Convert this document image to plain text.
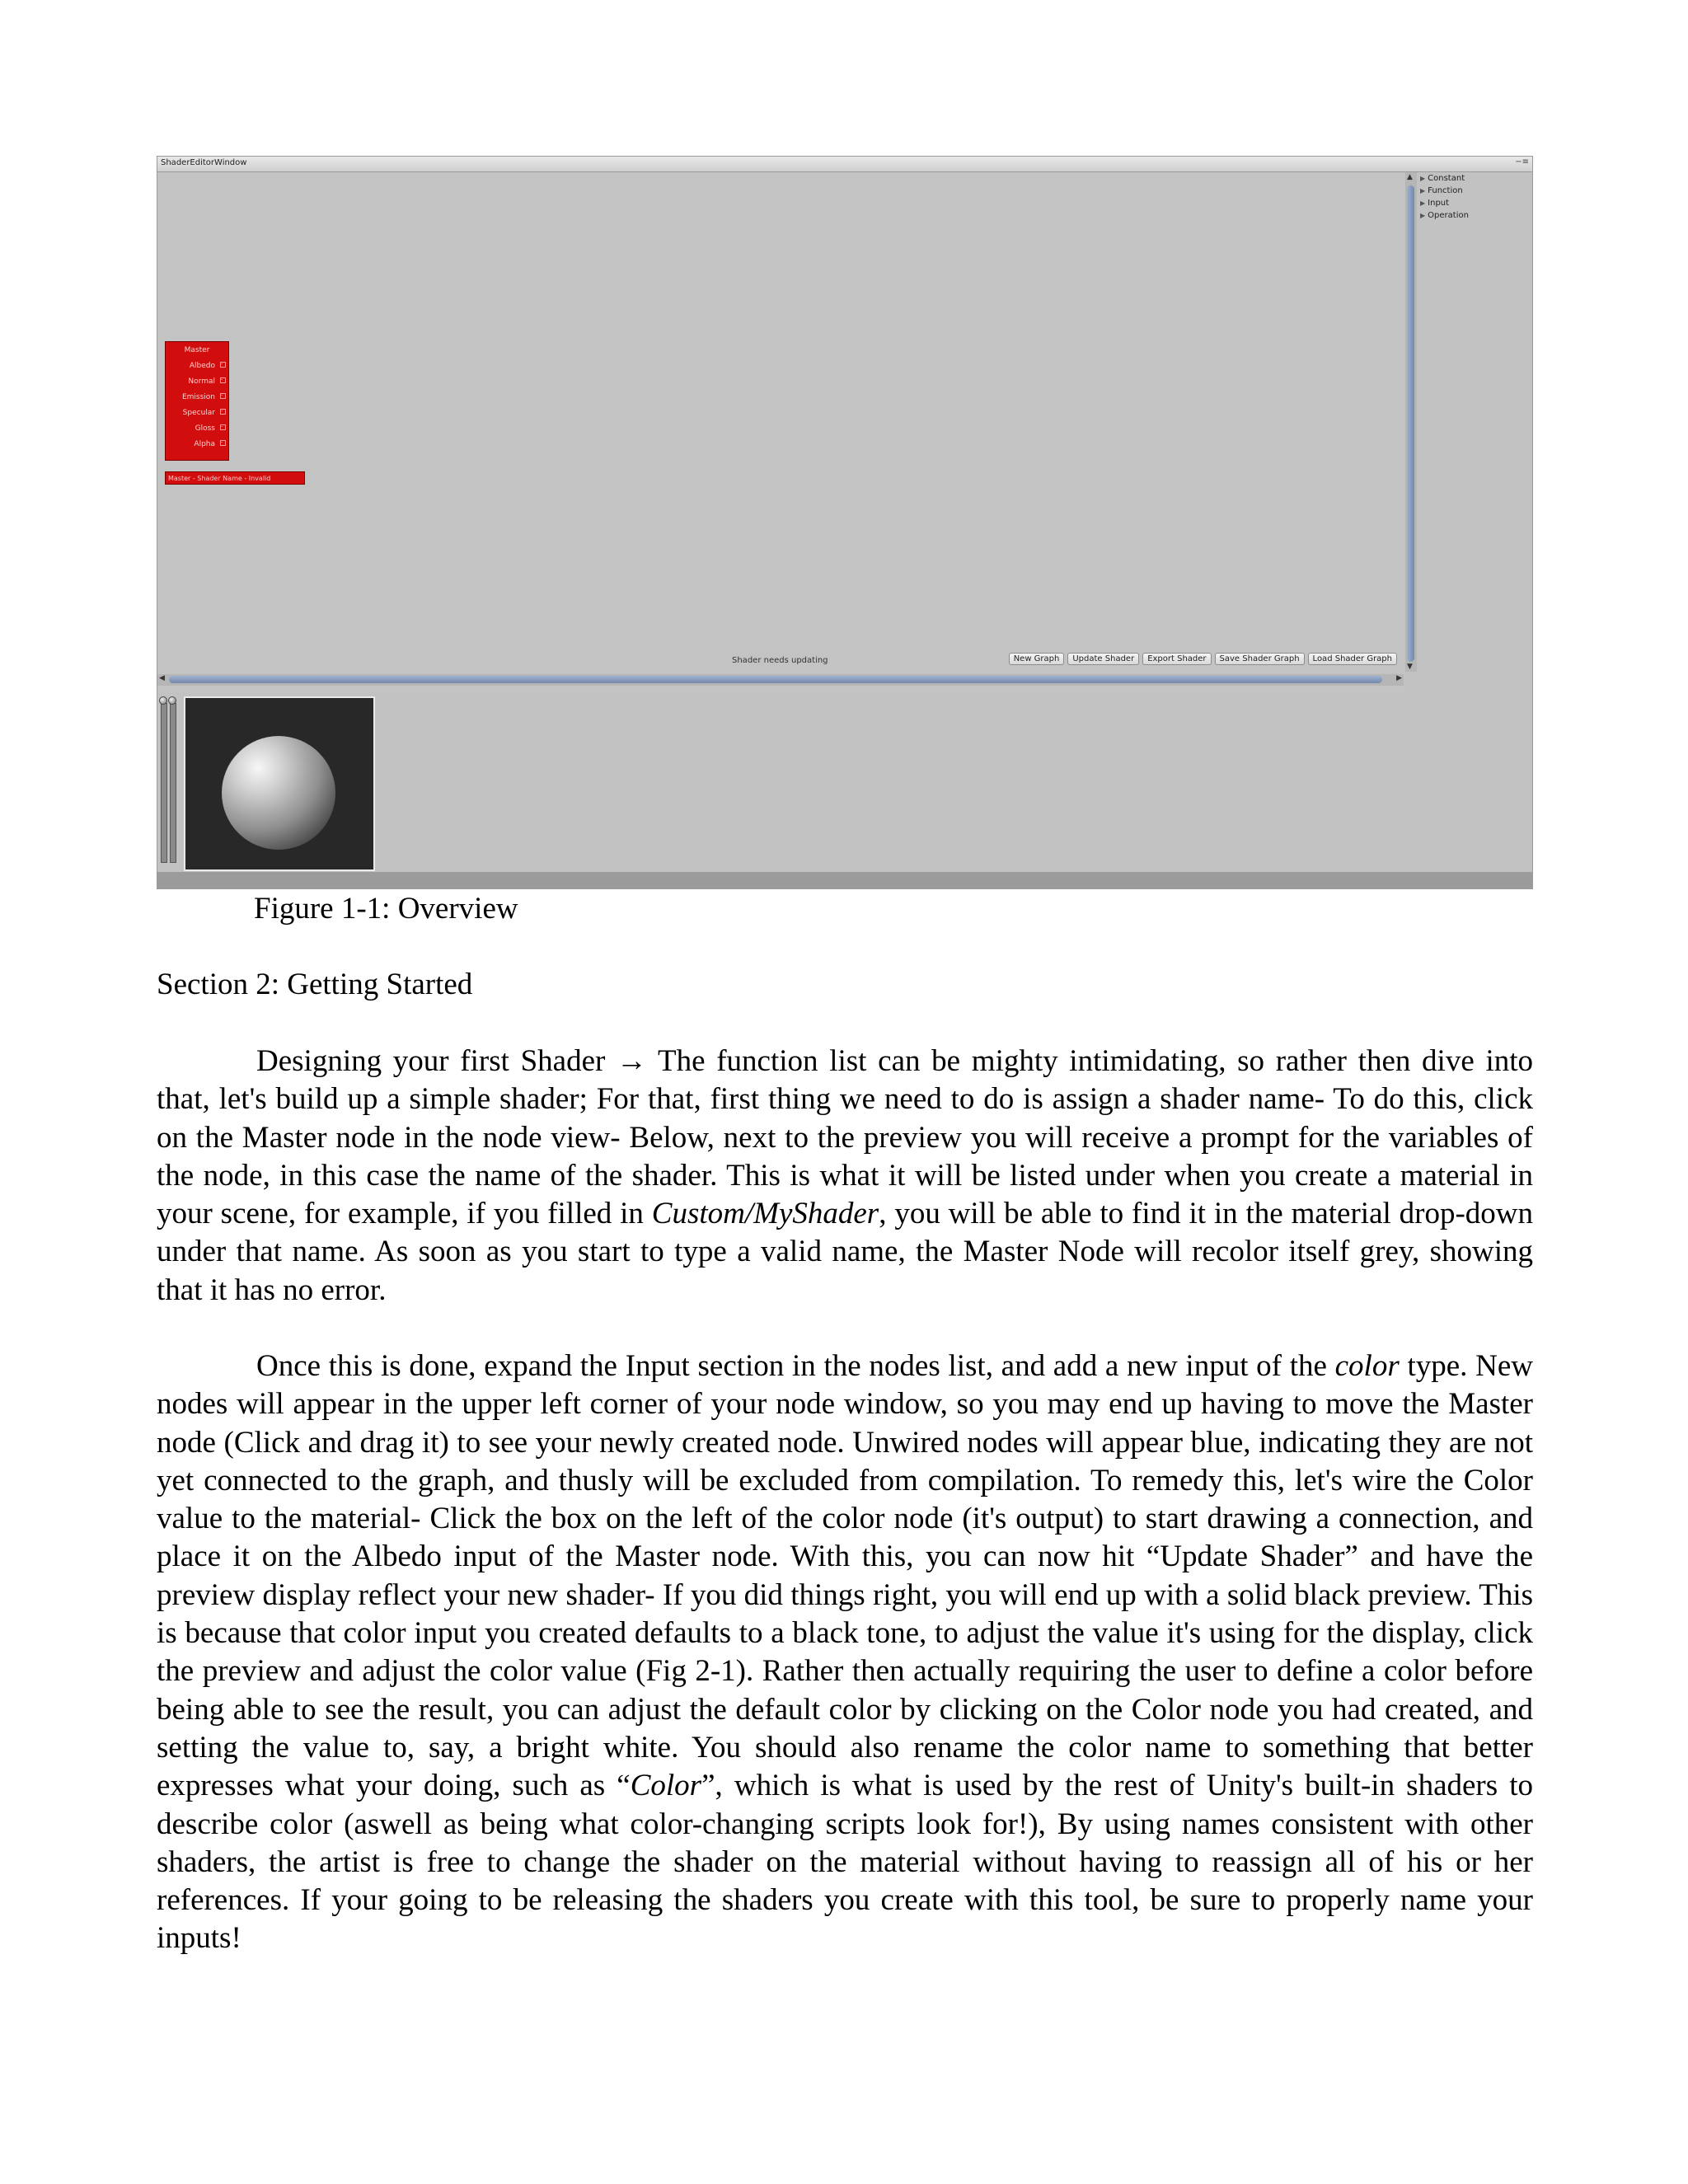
ShaderEditorWindow	−≡
Master
Albedo ·
Normal ·
Emission ·
Specular ·
Gloss ·
Alpha ·
Master - Shader Name - Invalid
Shader needs updating	New Graph	Update Shader	Export Shader	Save Shader Graph	Load Shader Graph
▲
▼
◀	▶
▶ Constant
▶ Function
▶ Input
▶ Operation
Figure 1-1: Overview
Section 2: Getting Started

Designing your first Shader → The function list can be mighty intimidating, so rather then dive into that, let's build up a simple shader; For that, first thing we need to do is assign a shader name- To do this, click on the Master node in the node view- Below, next to the preview you will receive a prompt for the variables of the node, in this case the name of the shader. This is what it will be listed under when you create a material in your scene, for example, if you filled in Custom/MyShader, you will be able to find it in the material drop-down under that name. As soon as you start to type a valid name, the Master Node will recolor itself grey, showing that it has no error.

Once this is done, expand the Input section in the nodes list, and add a new input of the color type. New nodes will appear in the upper left corner of your node window, so you may end up having to move the Master node (Click and drag it) to see your newly created node. Unwired nodes will appear blue, indicating they are not yet connected to the graph, and thusly will be excluded from compilation. To remedy this, let's wire the Color value to the material- Click the box on the left of the color node (it's output) to start drawing a connection, and place it on the Albedo input of the Master node. With this, you can now hit “Update Shader” and have the preview display reflect your new shader- If you did things right, you will end up with a solid black preview. This is because that color input you created defaults to a black tone, to adjust the value it's using for the display, click the preview and adjust the color value (Fig 2-1). Rather then actually requiring the user to define a color before being able to see the result, you can adjust the default color by clicking on the Color node you had created, and setting the value to, say, a bright white. You should also rename the color name to something that better expresses what your doing, such as “Color”, which is what is used by the rest of Unity's built-in shaders to describe color (aswell as being what color-changing scripts look for!), By using names consistent with other shaders, the artist is free to change the shader on the material without having to reassign all of his or her references. If your going to be releasing the shaders you create with this tool, be sure to properly name your inputs!
